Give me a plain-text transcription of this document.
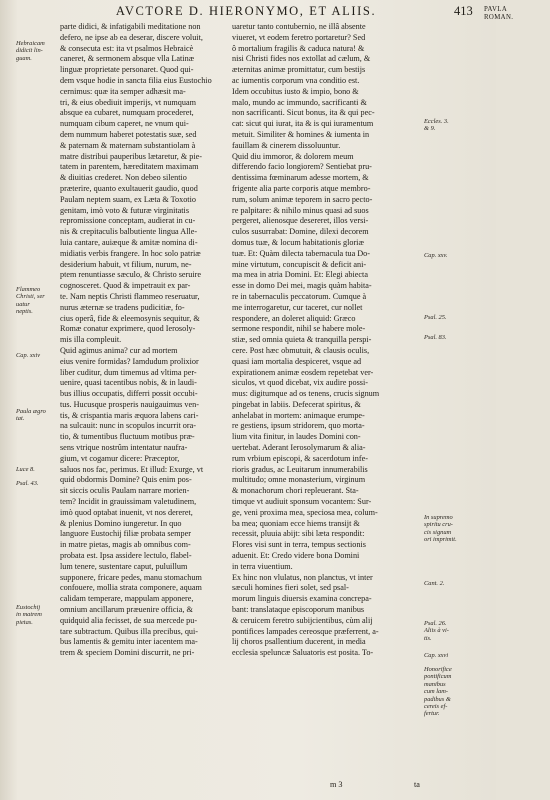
AVCTORE D. HIERONYMO, ET ALIIS.	413 PAVLA
ROMAN.
parte didici, & infatigabili meditatione non
defero, ne ipse ab ea deserar, discere voluit,
& consecuta est: ita vt psalmos Hebraicè
caneret, & sermonem absque vlla Latinæ
linguæ proprietate personaret. Quod qui-
dem vsque hodie in sancta filia eius Eustochio
cernimus: quæ ita semper adhæsit ma-
tri, & eius obediuit imperijs, vt numquam
absque ea cubaret, numquam procederet,
numquam cibum caperet, ne vnum qui-
dem nummum haberet potestatis suæ, sed
& paternam & maternam substantiolam à
matre distribui pauperibus lætaretur, & pie-
tatem in parentem, hæreditatem maximam
& diuitias crederet. Non debeo silentio
præterire, quanto exultauerit gaudio, quod
Paulam neptem suam, ex Læta & Toxotio
genitam, imò voto & futuræ virginitatis
repromissione conceptam, audierat in cu-
nis & crepitaculis balbutiente lingua Alle-
luia cantare, auiæque & amitæ nomina di-
midiatis verbis frangere. In hoc solo patriæ
desiderium habuit, vt filium, nurum, ne-
ptem renuntiasse sæculo, & Christo seruire
cognosceret. Quod & impetrauit ex par-
te. Nam neptis Christi flammeo reseruatur,
nurus æternæ se tradens pudicitiæ, fo-
cius operâ, fide & eleemosynis sequitur, &
Romæ conatur exprimere, quod Ierosoly-
mis illa compleuit.
Quid agimus anima? cur ad mortem
eius venire formidas? Iamdudum prolixior
liber cuditur, dum timemus ad vltima per-
uenire, quasi tacentibus nobis, & in laudi-
bus illius occupatis, differri possit occubi-
tus. Hucusque prosperis nauigauimus ven-
tis, & crispantia maris æquora labens cari-
na sulcauit: nunc in scopulos incurrit ora-
tio, & tumentibus fluctuum motibus præ-
sens vtrique nostrûm intentatur naufra-
gium, vt cogamur dicere: Præceptor,
saluos nos fac, perimus. Et illud: Exurge, vt
quid obdormis Domine? Quis enim pos-
sit siccis oculis Paulam narrare morien-
tem? Incidit in grauissimam valetudinem,
imò quod optabat inuenit, vt nos dereret,
& plenius Domino iungeretur. In quo
languore Eustochij filiæ probata semper
in matre pietas, magis ab omnibus com-
probata est. Ipsa assidere lectulo, flabel-
lum tenere, sustentare caput, puluillum
supponere, fricare pedes, manu stomachum
confouere, mollia strata componere, aquam
calidam temperare, mappulam apponere,
omnium ancillarum præuenire officia, &
quidquid alia fecisset, de sua mercede pu-
tare subtractum. Quibus illa precibus, qui-
bus lamentis & gemitu inter iacentem ma-
trem & speciem Domini discurrit, ne pri-
uaretur tanto contubernio, ne illâ absente
viueret, vt eodem feretro portaretur? Sed
ô mortalium fragilis & caduca natura! &
nisi Christi fides nos extollat ad cælum, &
æternitas animæ promittatur, cum bestijs
ac iumentis corporum vna conditio est.
Idem occubitus iusto & impio, bono &
malo, mundo ac immundo, sacrificanti &
non sacrificanti. Sicut bonus, ita & qui pec-
cat: sicut qui iurat, ita & is qui iuramentum
metuit. Similiter & homines & iumenta in
fauillam & cinerem dissoluuntur.
Quid diu immoror, & dolorem meum
differendo facio longiorem? Sentiebat pru-
dentissima fœminarum adesse mortem, &
frigente alia parte corporis atque membro-
rum, solum animæ teporem in sacro pecto-
re palpitare: & nihilo minus quasi ad suos
pergeret, alienosque desereret, illos versi-
culos susurrabat: Domine, dilexi decorem
domus tuæ, & locum habitationis gloriæ
tuæ. Et: Quàm dilecta tabernacula tua Do-
mine virtutum, concupiscit & deficit ani-
ma mea in atria Domini. Et: Elegi abiecta
esse in domo Dei mei, magis quàm habita-
re in tabernaculis peccatorum. Cumque à
me interrogaretur, cur taceret, cur nollet
respondere, an doleret aliquid: Græco
sermone respondit, nihil se habere mole-
stiæ, sed omnia quieta & tranquilla perspi-
cere. Post hæc obmutuit, & clausis oculis,
quasi iam mortalia despiceret, vsque ad
expirationem animæ eosdem repetebat ver-
siculos, vt quod dicebat, vix audire possi-
mus: digitumque ad os tenens, crucis signum
pingebat in labiis. Defecerat spiritus, &
anhelabat in mortem: animaque erumpe-
re gestiens, ipsum stridorem, quo morta-
lium vita finitur, in laudes Domini con-
uertebat. Aderant Ierosolymarum & alia-
rum vrbium episcopi, & sacerdotum infe-
rioris gradus, ac Leuitarum innumerabilis
multitudo; omne monasterium, virginum
& monachorum chori repleuerant. Sta-
timque vt audiuit sponsum vocantem: Sur-
ge, veni proxima mea, speciosa mea, colum-
ba mea; quoniam ecce hiems transijt &
recessit, pluuia abijt: sibi læta respondit:
Flores visi sunt in terra, tempus sectionis
aduenit. Et: Credo videre bona Domini
in terra viuentium.
Ex hinc non vlulatus, non planctus, vt inter
sæculi homines fieri solet, sed psal-
morum linguis diuersis examina concrepa-
bant: translataque episcoporum manibus
& ceruicem feretro subijcientibus, cùm alij
pontifices lampades cereosque præferrent, a-
lij choros psallentium ducerent, in media
ecclesia speluncæ Saluatoris est posita. To-
Hebraicam
didicit lin-
guam.
Flammeo
Christi, ser
uatur
neptis.
Cap. xxiv
Paula ægro
tat.
Luce 8.
Psal. 43.
Eustochij
in matrem
pietas.
Eccles. 3.
& 9.
Cap. xxv.
Psal. 25.
Psal. 83.
In supremo
spiritu cru-
cis signum
ori imprimit.
Cant. 2.
Psal. 26.
Aliis à vi-
tis.
Cap. xxvi
Honorifice
pontificum
manibus
cum lam-
padibus &
cereis ef-
fertur.
m 3	ta
